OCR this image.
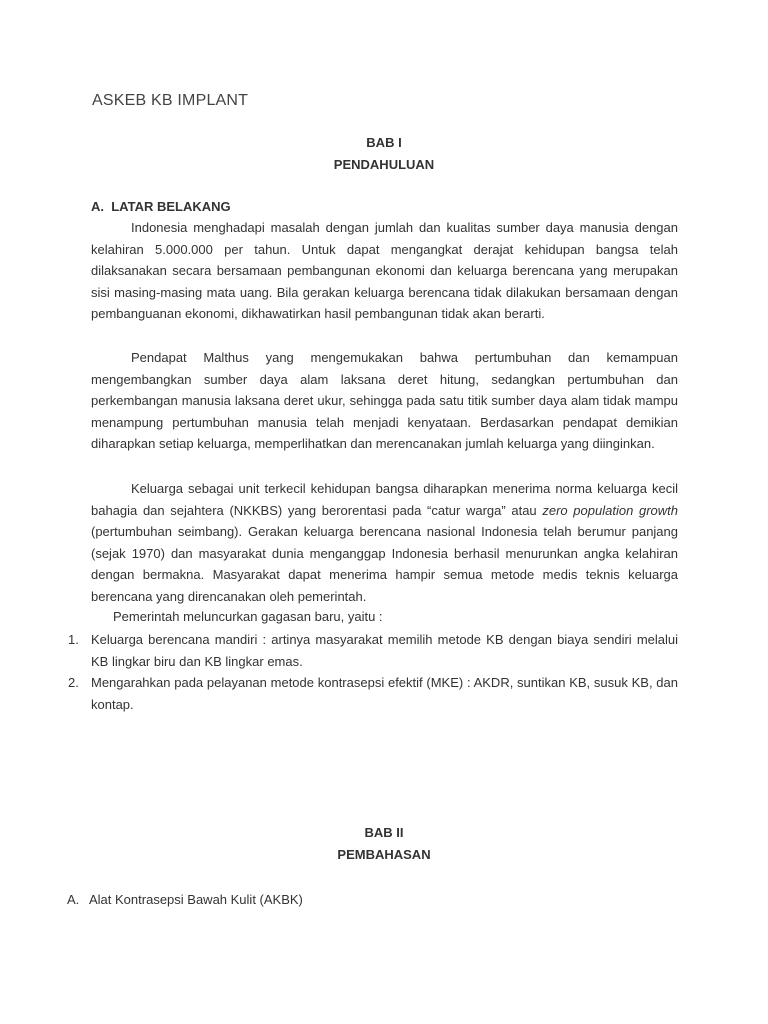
ASKEB KB IMPLANT
BAB I
PENDAHULUAN
A. LATAR BELAKANG

Indonesia menghadapi masalah dengan jumlah dan kualitas sumber daya manusia dengan kelahiran 5.000.000 per tahun. Untuk dapat mengangkat derajat kehidupan bangsa telah dilaksanakan secara bersamaan pembangunan ekonomi dan keluarga berencana yang merupakan sisi masing-masing mata uang. Bila gerakan keluarga berencana tidak dilakukan bersamaan dengan pembanguanan ekonomi, dikhawatirkan hasil pembangunan tidak akan berarti.

Pendapat Malthus yang mengemukakan bahwa pertumbuhan dan kemampuan mengembangkan sumber daya alam laksana deret hitung, sedangkan pertumbuhan dan perkembangan manusia laksana deret ukur, sehingga pada satu titik sumber daya alam tidak mampu menampung pertumbuhan manusia telah menjadi kenyataan. Berdasarkan pendapat demikian diharapkan setiap keluarga, memperlihatkan dan merencanakan jumlah keluarga yang diinginkan.

Keluarga sebagai unit terkecil kehidupan bangsa diharapkan menerima norma keluarga kecil bahagia dan sejahtera (NKKBS) yang berorentasi pada “catur warga” atau zero population growth (pertumbuhan seimbang). Gerakan keluarga berencana nasional Indonesia telah berumur panjang (sejak 1970) dan masyarakat dunia menganggap Indonesia berhasil menurunkan angka kelahiran dengan bermakna. Masyarakat dapat menerima hampir semua metode medis teknis keluarga berencana yang direncanakan oleh pemerintah.

Pemerintah meluncurkan gagasan baru, yaitu :
1. Keluarga berencana mandiri : artinya masyarakat memilih metode KB dengan biaya sendiri melalui KB lingkar biru dan KB lingkar emas.
2. Mengarahkan pada pelayanan metode kontrasepsi efektif (MKE) : AKDR, suntikan KB, susuk KB, dan kontap.
BAB II
PEMBAHASAN
A. Alat Kontrasepsi Bawah Kulit (AKBK)
